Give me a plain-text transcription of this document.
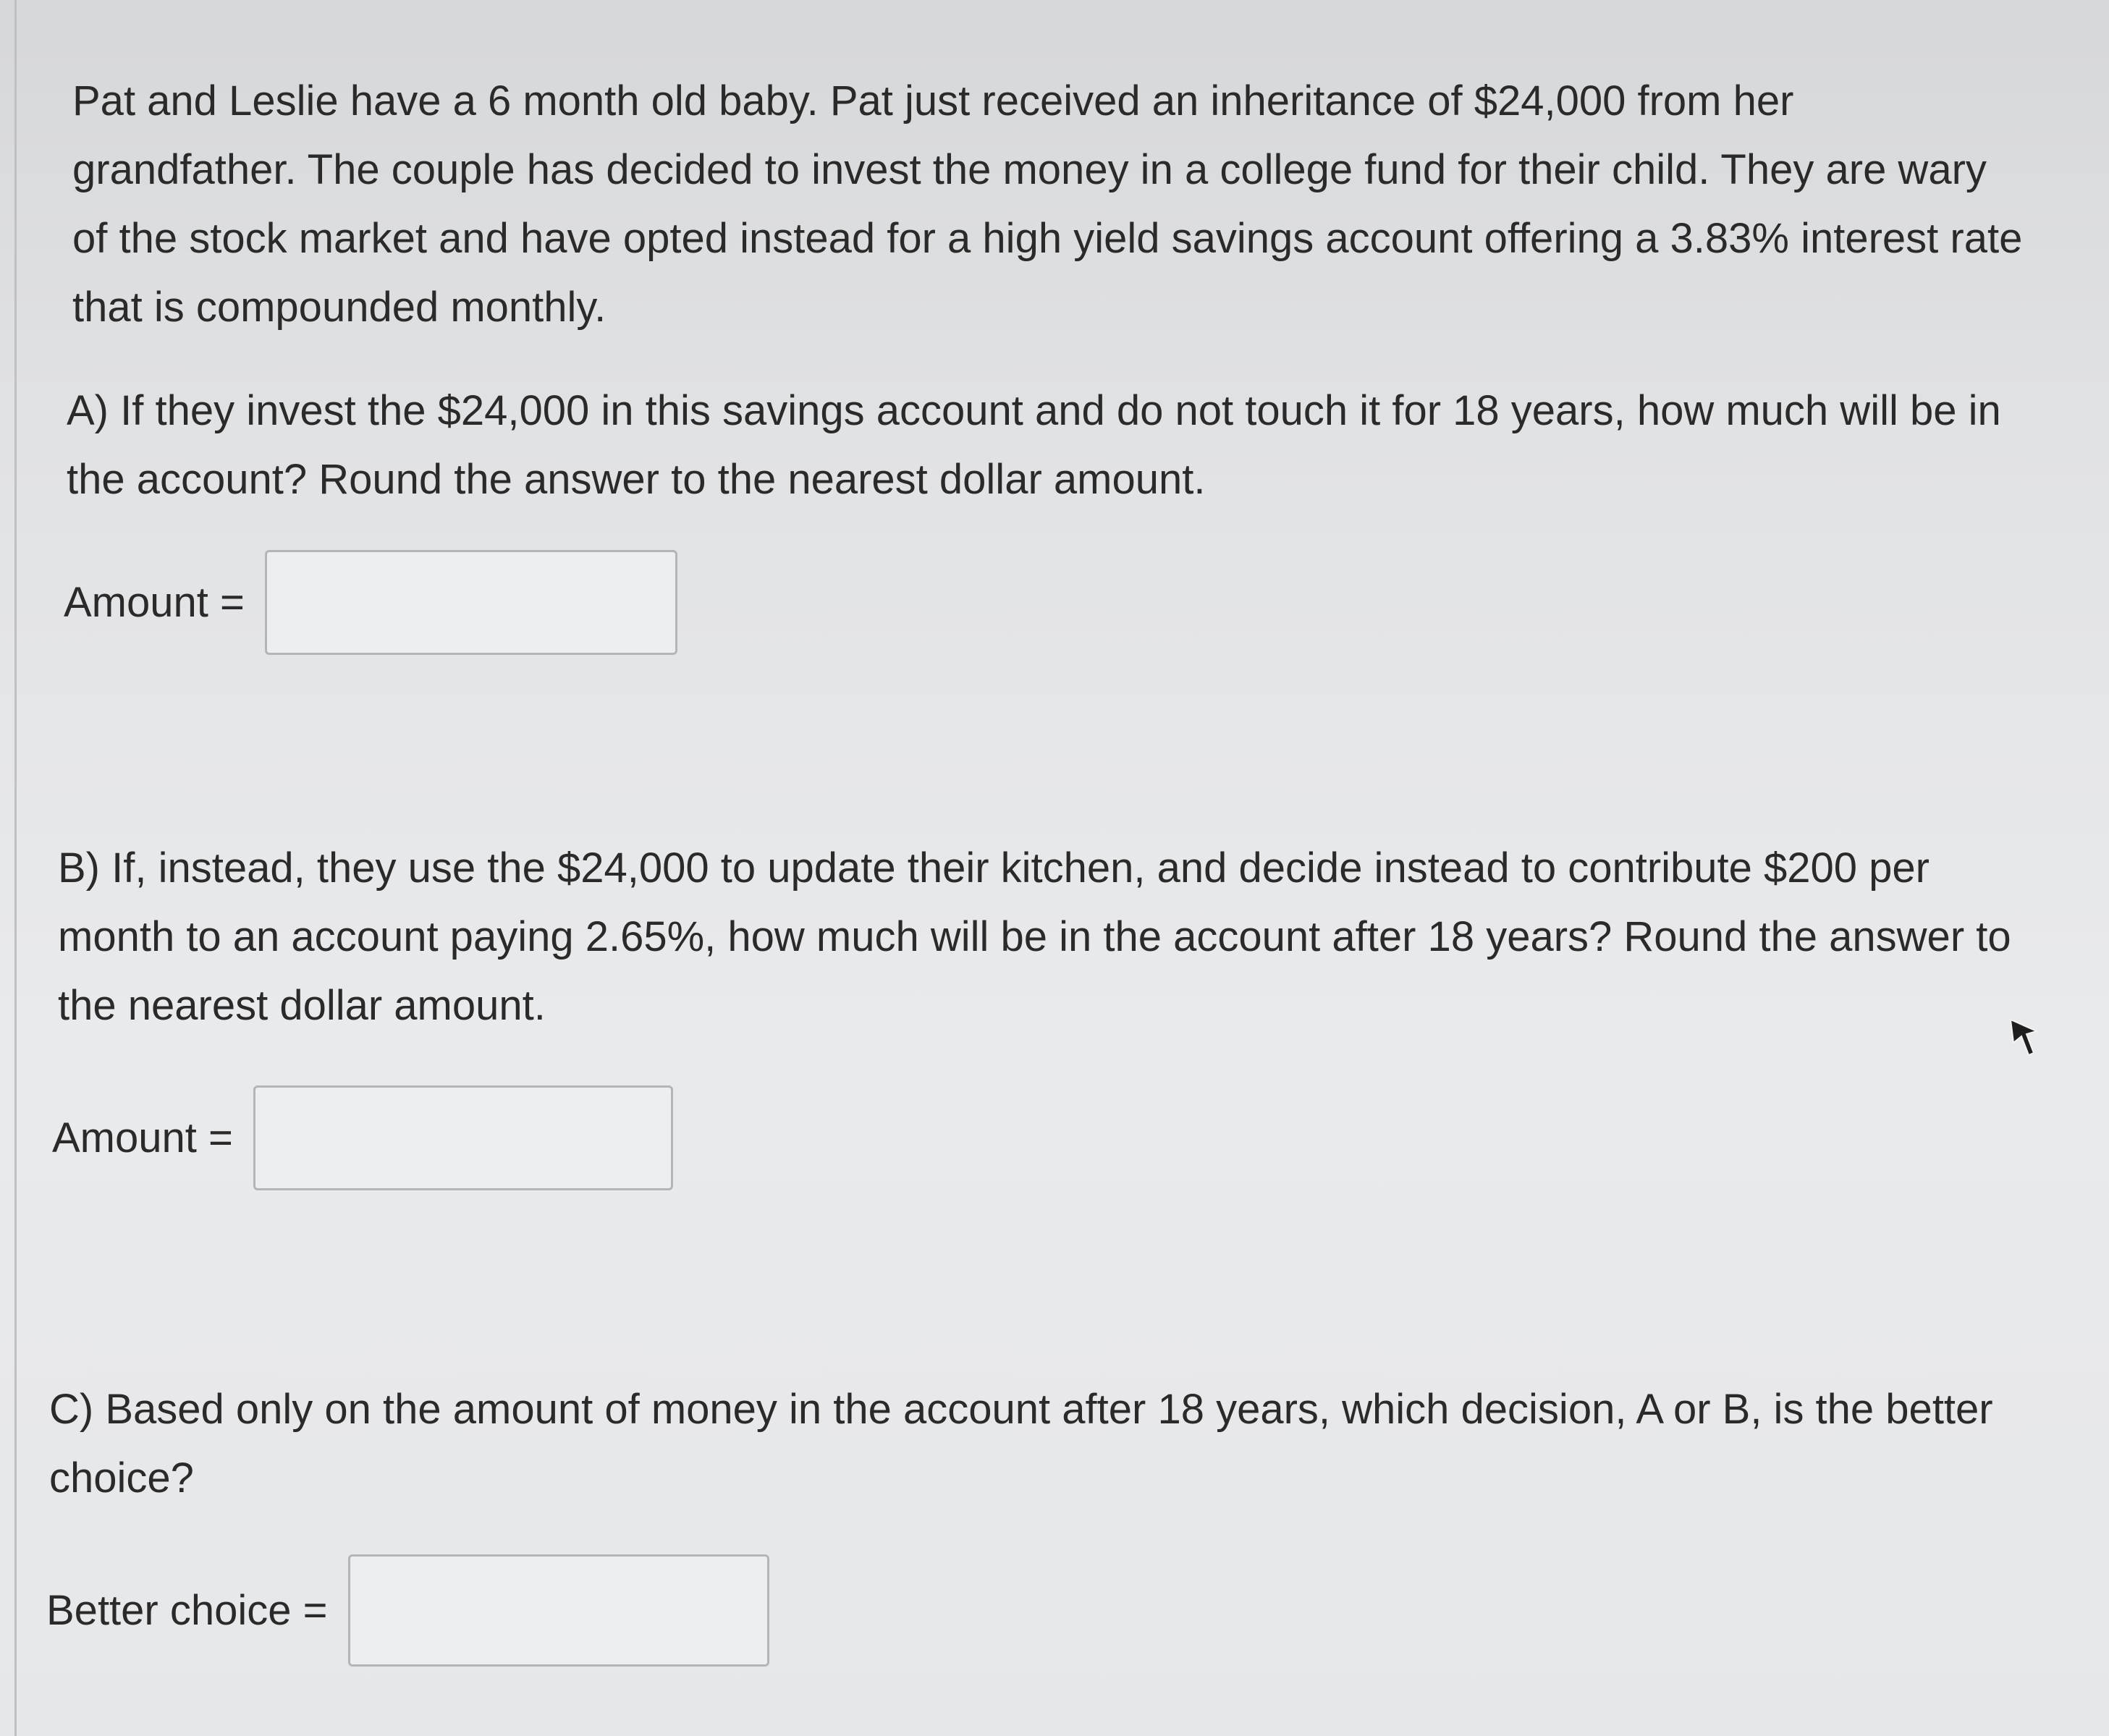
Pat and Leslie have a 6 month old baby. Pat just received an inheritance of $24,000 from her grandfather. The couple has decided to invest the money in a college fund for their child. They are wary of the stock market and have opted instead for a high yield savings account offering a 3.83% interest rate that is compounded monthly.

A) If they invest the $24,000 in this savings account and do not touch it for 18 years, how much will be in the account? Round the answer to the nearest dollar amount.

Amount =

B) If, instead, they use the $24,000 to update their kitchen, and decide instead to contribute $200 per month to an account paying 2.65%, how much will be in the account after 18 years? Round the answer to the nearest dollar amount.

Amount =

C) Based only on the amount of money in the account after 18 years, which decision, A or B, is the better choice?

Better choice =
